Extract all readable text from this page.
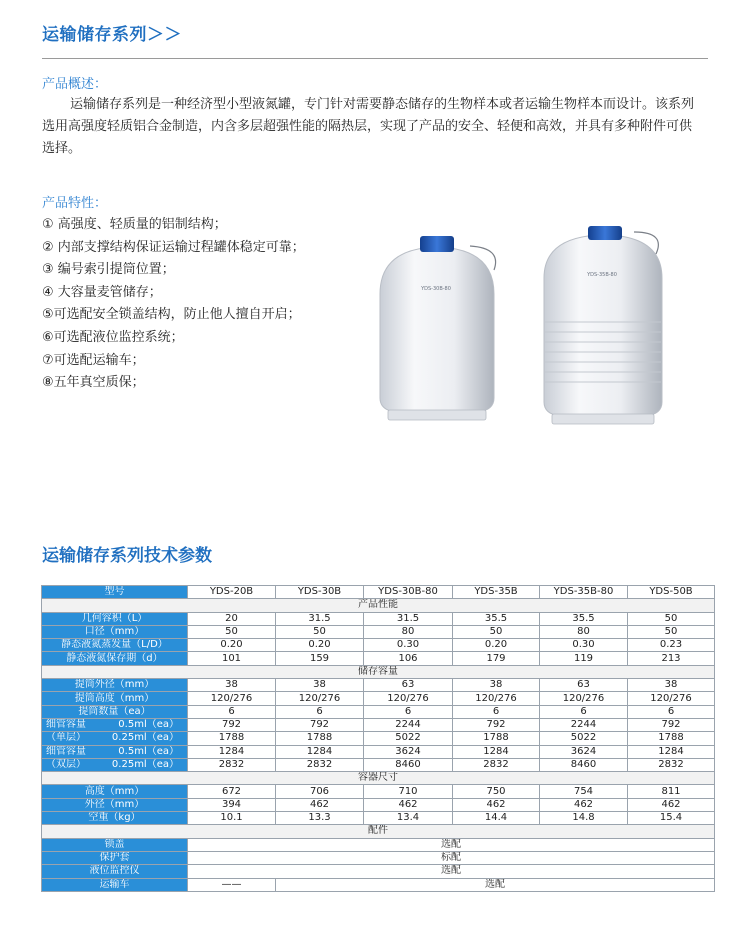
运输储存系列＞＞
产品概述：
运输储存系列是一种经济型小型液氮罐，专门针对需要静态储存的生物样本或者运输生物样本而设计。该系列选用高强度轻质铝合金制造，内含多层超强性能的隔热层，实现了产品的安全、轻便和高效，并具有多种附件可供选择。
产品特性：
① 高强度、轻质量的铝制结构；
② 内部支撑结构保证运输过程罐体稳定可靠；
③ 编号索引提筒位置；
④ 大容量麦管储存；
⑤可选配安全锁盖结构，防止他人擅自开启；
⑥可选配液位监控系统；
⑦可选配运输车；
⑧五年真空质保；
YDS-30B-80
YDS-35B-80
运输储存系列技术参数
型号	YDS-20B	YDS-30B	YDS-30B-80	YDS-35B	YDS-35B-80	YDS-50B
产品性能						
几何容积（L）	20	31.5	31.5	35.5	35.5	50
口径（mm）	50	50	80	50	80	50
静态液氮蒸发量（L/D）	0.20	0.20	0.30	0.20	0.30	0.23
静态液氮保存期（d）	101	159	106	179	119	213
储存容量						
提筒外径（mm）	38	38	63	38	63	38
提筒高度（mm）	120/276	120/276	120/276	120/276	120/276	120/276
提筒数量（ea）	6	6	6	6	6	6
细管容量 0.5ml（ea）	792	792	2244	792	2244	792
（单层） 0.25ml（ea）	1788	1788	5022	1788	5022	1788
细管容量 0.5ml（ea）	1284	1284	3624	1284	3624	1284
（双层） 0.25ml（ea）	2832	2832	8460	2832	8460	2832
容器尺寸						
高度（mm）	672	706	710	750	754	811
外径（mm）	394	462	462	462	462	462
空重（kg）	10.1	13.3	13.4	14.4	14.8	15.4
配件						
锁盖	选配					
保护套	标配					
液位监控仪	选配					
运输车	——	选配				
